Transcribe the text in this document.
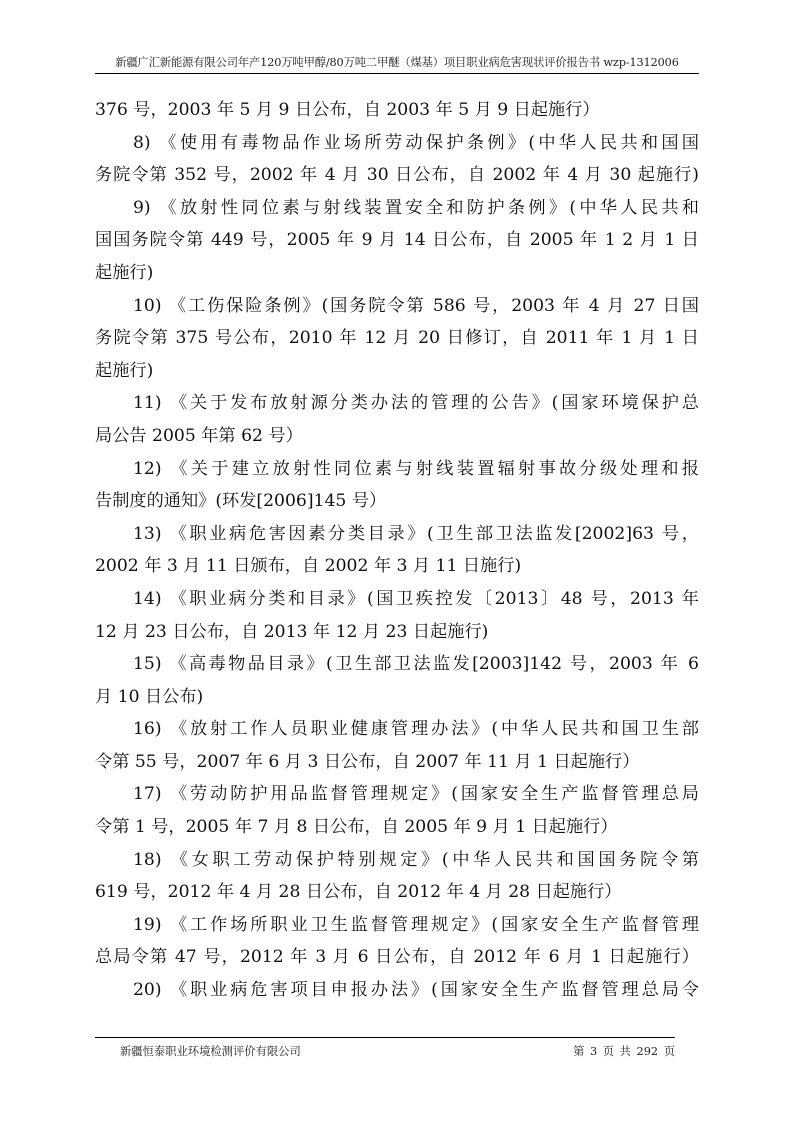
新疆广汇新能源有限公司年产120万吨甲醇/80万吨二甲醚（煤基）项目职业病危害现状评价报告书 wzp-1312006
376 号，2003 年 5 月 9 日公布，自 2003 年 5 月 9 日起施行）
8) 《使用有毒物品作业场所劳动保护条例》(中华人民共和国国
务院令第 352 号，2002 年 4 月 30 日公布，自 2002 年 4 月 30 起施行)
9) 《放射性同位素与射线装置安全和防护条例》(中华人民共和
国国务院令第 449 号，2005 年 9 月 14 日公布，自 2005 年 1 2 月 1 日
起施行)
10) 《工伤保险条例》(国务院令第 586 号，2003 年 4 月 27 日国
务院令第 375 号公布，2010 年 12 月 20 日修订，自 2011 年 1 月 1 日
起施行)
11) 《关于发布放射源分类办法的管理的公告》(国家环境保护总
局公告 2005 年第 62 号）
12) 《关于建立放射性同位素与射线装置辐射事故分级处理和报
告制度的通知》(环发[2006]145 号）
13) 《职业病危害因素分类目录》(卫生部卫法监发[2002]63 号，
2002 年 3 月 11 日颁布，自 2002 年 3 月 11 日施行)
14) 《职业病分类和目录》(国卫疾控发〔2013〕48 号，2013 年
12 月 23 日公布，自 2013 年 12 月 23 日起施行)
15) 《高毒物品目录》(卫生部卫法监发[2003]142 号，2003 年 6
月 10 日公布)
16) 《放射工作人员职业健康管理办法》(中华人民共和国卫生部
令第 55 号，2007 年 6 月 3 日公布，自 2007 年 11 月 1 日起施行）
17) 《劳动防护用品监督管理规定》(国家安全生产监督管理总局
令第 1 号，2005 年 7 月 8 日公布，自 2005 年 9 月 1 日起施行）
18) 《女职工劳动保护特别规定》(中华人民共和国国务院令第
619 号，2012 年 4 月 28 日公布，自 2012 年 4 月 28 日起施行）
19) 《工作场所职业卫生监督管理规定》(国家安全生产监督管理
总局令第 47 号，2012 年 3 月 6 日公布，自 2012 年 6 月 1 日起施行）
20) 《职业病危害项目申报办法》(国家安全生产监督管理总局令
新疆恒泰职业环境检测评价有限公司	第 3 页 共 292 页
